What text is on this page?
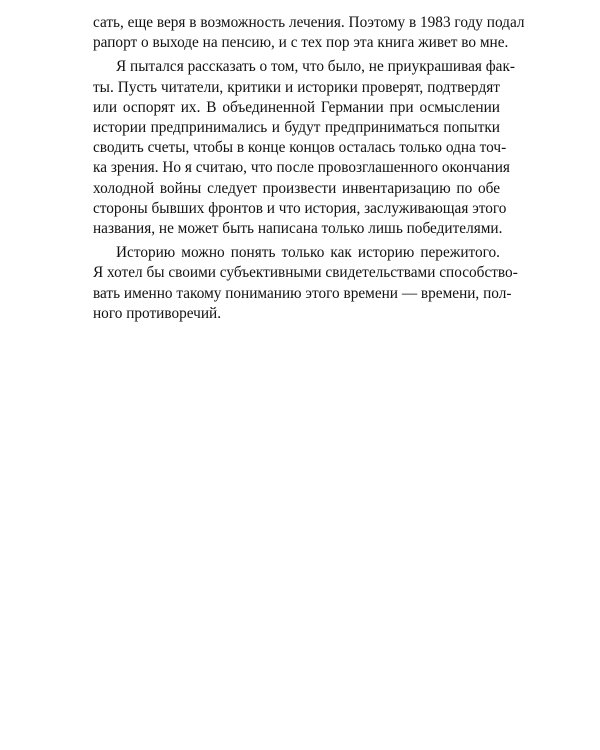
сать, еще веря в возможность лечения. Поэтому в 1983 году подал
рапорт о выходе на пенсию, и с тех пор эта книга живет во мне.

Я пытался рассказать о том, что было, не приукрашивая фак-
ты. Пусть читатели, критики и историки проверят, подтвердят
или оспорят их. В объединенной Германии при осмыслении
истории предпринимались и будут предприниматься попытки
сводить счеты, чтобы в конце концов осталась только одна точ-
ка зрения. Но я считаю, что после провозглашенного окончания
холодной войны следует произвести инвентаризацию по обе
стороны бывших фронтов и что история, заслуживающая этого
названия, не может быть написана только лишь победителями.

Историю можно понять только как историю пережитого.
Я хотел бы своими субъективными свидетельствами способство-
вать именно такому пониманию этого времени — времени, пол-
ного противоречий.
